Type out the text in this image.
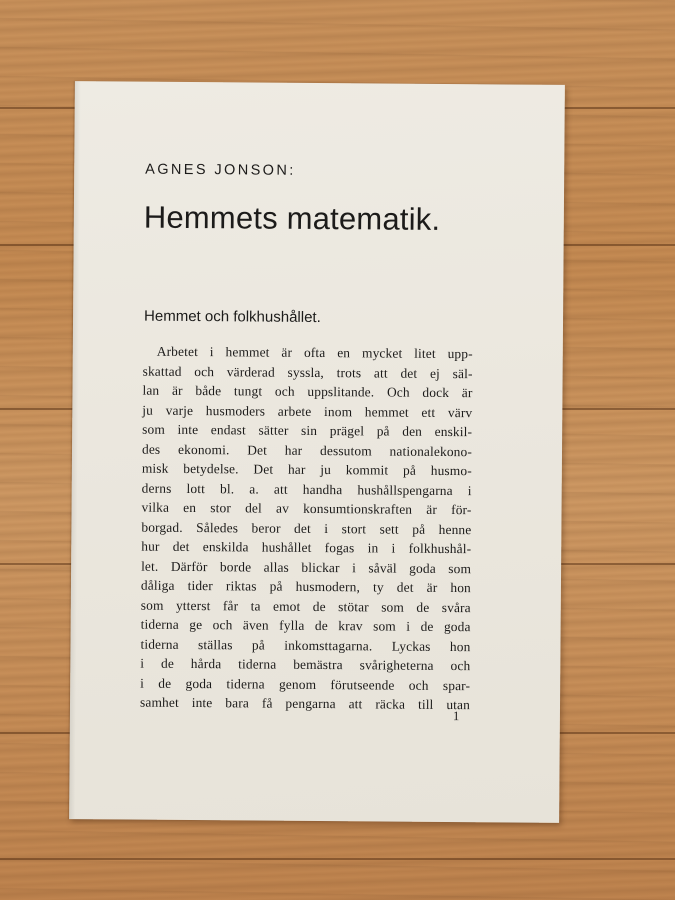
AGNES JONSON:
Hemmets matematik.
Hemmet och folkhushållet.
Arbetet i hemmet är ofta en mycket litet upp-
skattad och värderad syssla, trots att det ej säl-
lan är både tungt och uppslitande. Och dock är
ju varje husmoders arbete inom hemmet ett värv
som inte endast sätter sin prägel på den enskil-
des ekonomi. Det har dessutom nationalekono-
misk betydelse. Det har ju kommit på husmo-
derns lott bl. a. att handha hushållspengarna i
vilka en stor del av konsumtionskraften är för-
borgad. Således beror det i stort sett på henne
hur det enskilda hushållet fogas in i folkhushål-
let. Därför borde allas blickar i såväl goda som
dåliga tider riktas på husmodern, ty det är hon
som ytterst får ta emot de stötar som de svåra
tiderna ge och även fylla de krav som i de goda
tiderna ställas på inkomsttagarna. Lyckas hon
i de hårda tiderna bemästra svårigheterna och
i de goda tiderna genom förutseende och spar-
samhet inte bara få pengarna att räcka till utan
1
